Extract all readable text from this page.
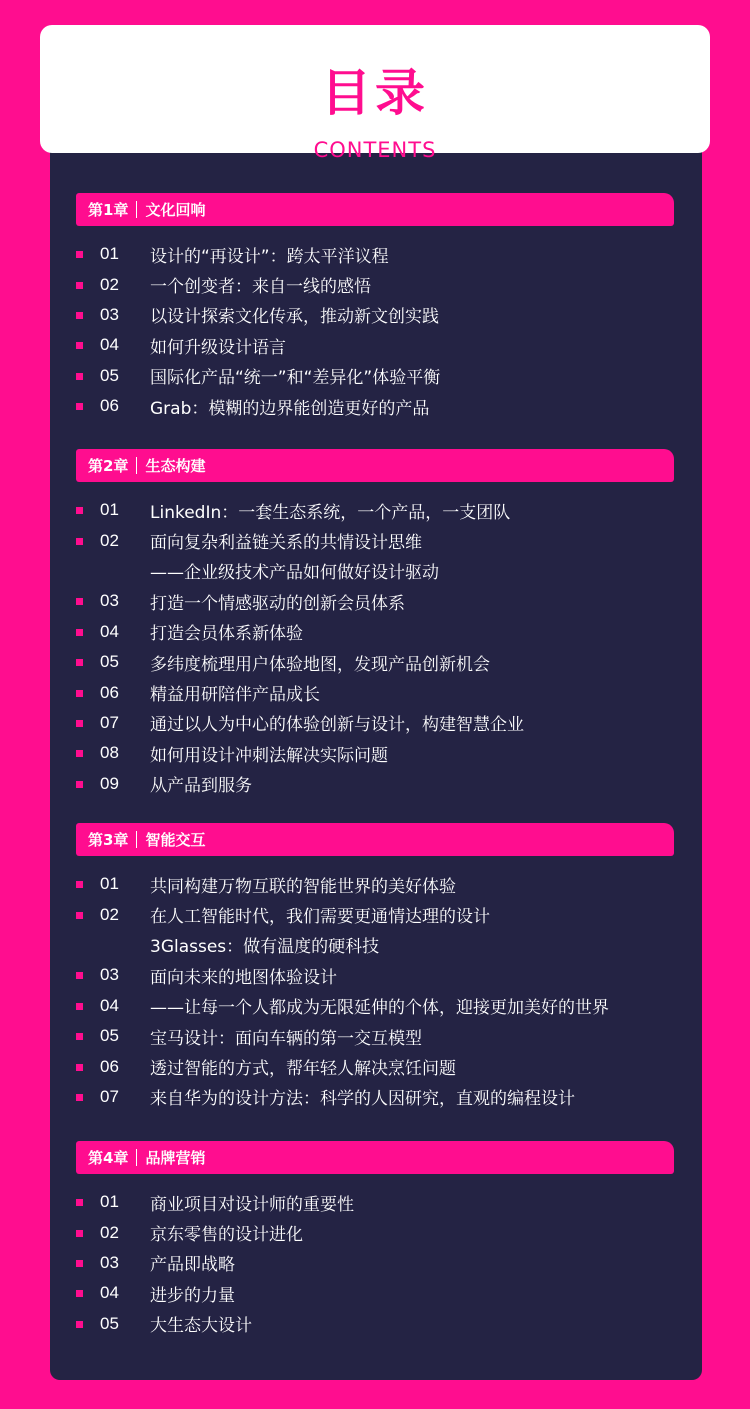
目录
CONTENTS
第1章 文化回响
01	设计的“再设计”：跨太平洋议程
02	一个创变者：来自一线的感悟
03	以设计探索文化传承，推动新文创实践
04	如何升级设计语言
05	国际化产品“统一”和“差异化”体验平衡
06	Grab：模糊的边界能创造更好的产品
第2章 生态构建
01	LinkedIn：一套生态系统，一个产品，一支团队
02	面向复杂利益链关系的共情设计思维
——企业级技术产品如何做好设计驱动
03	打造一个情感驱动的创新会员体系
04	打造会员体系新体验
05	多纬度梳理用户体验地图，发现产品创新机会
06	精益用研陪伴产品成长
07	通过以人为中心的体验创新与设计，构建智慧企业
08	如何用设计冲刺法解决实际问题
09	从产品到服务
第3章 智能交互
01	共同构建万物互联的智能世界的美好体验
02	在人工智能时代，我们需要更通情达理的设计
3Glasses：做有温度的硬科技
03	面向未来的地图体验设计
04	——让每一个人都成为无限延伸的个体，迎接更加美好的世界
05	宝马设计：面向车辆的第一交互模型
06	透过智能的方式，帮年轻人解决烹饪问题
07	来自华为的设计方法：科学的人因研究，直观的编程设计
第4章 品牌营销
01	商业项目对设计师的重要性
02	京东零售的设计进化
03	产品即战略
04	进步的力量
05	大生态大设计
